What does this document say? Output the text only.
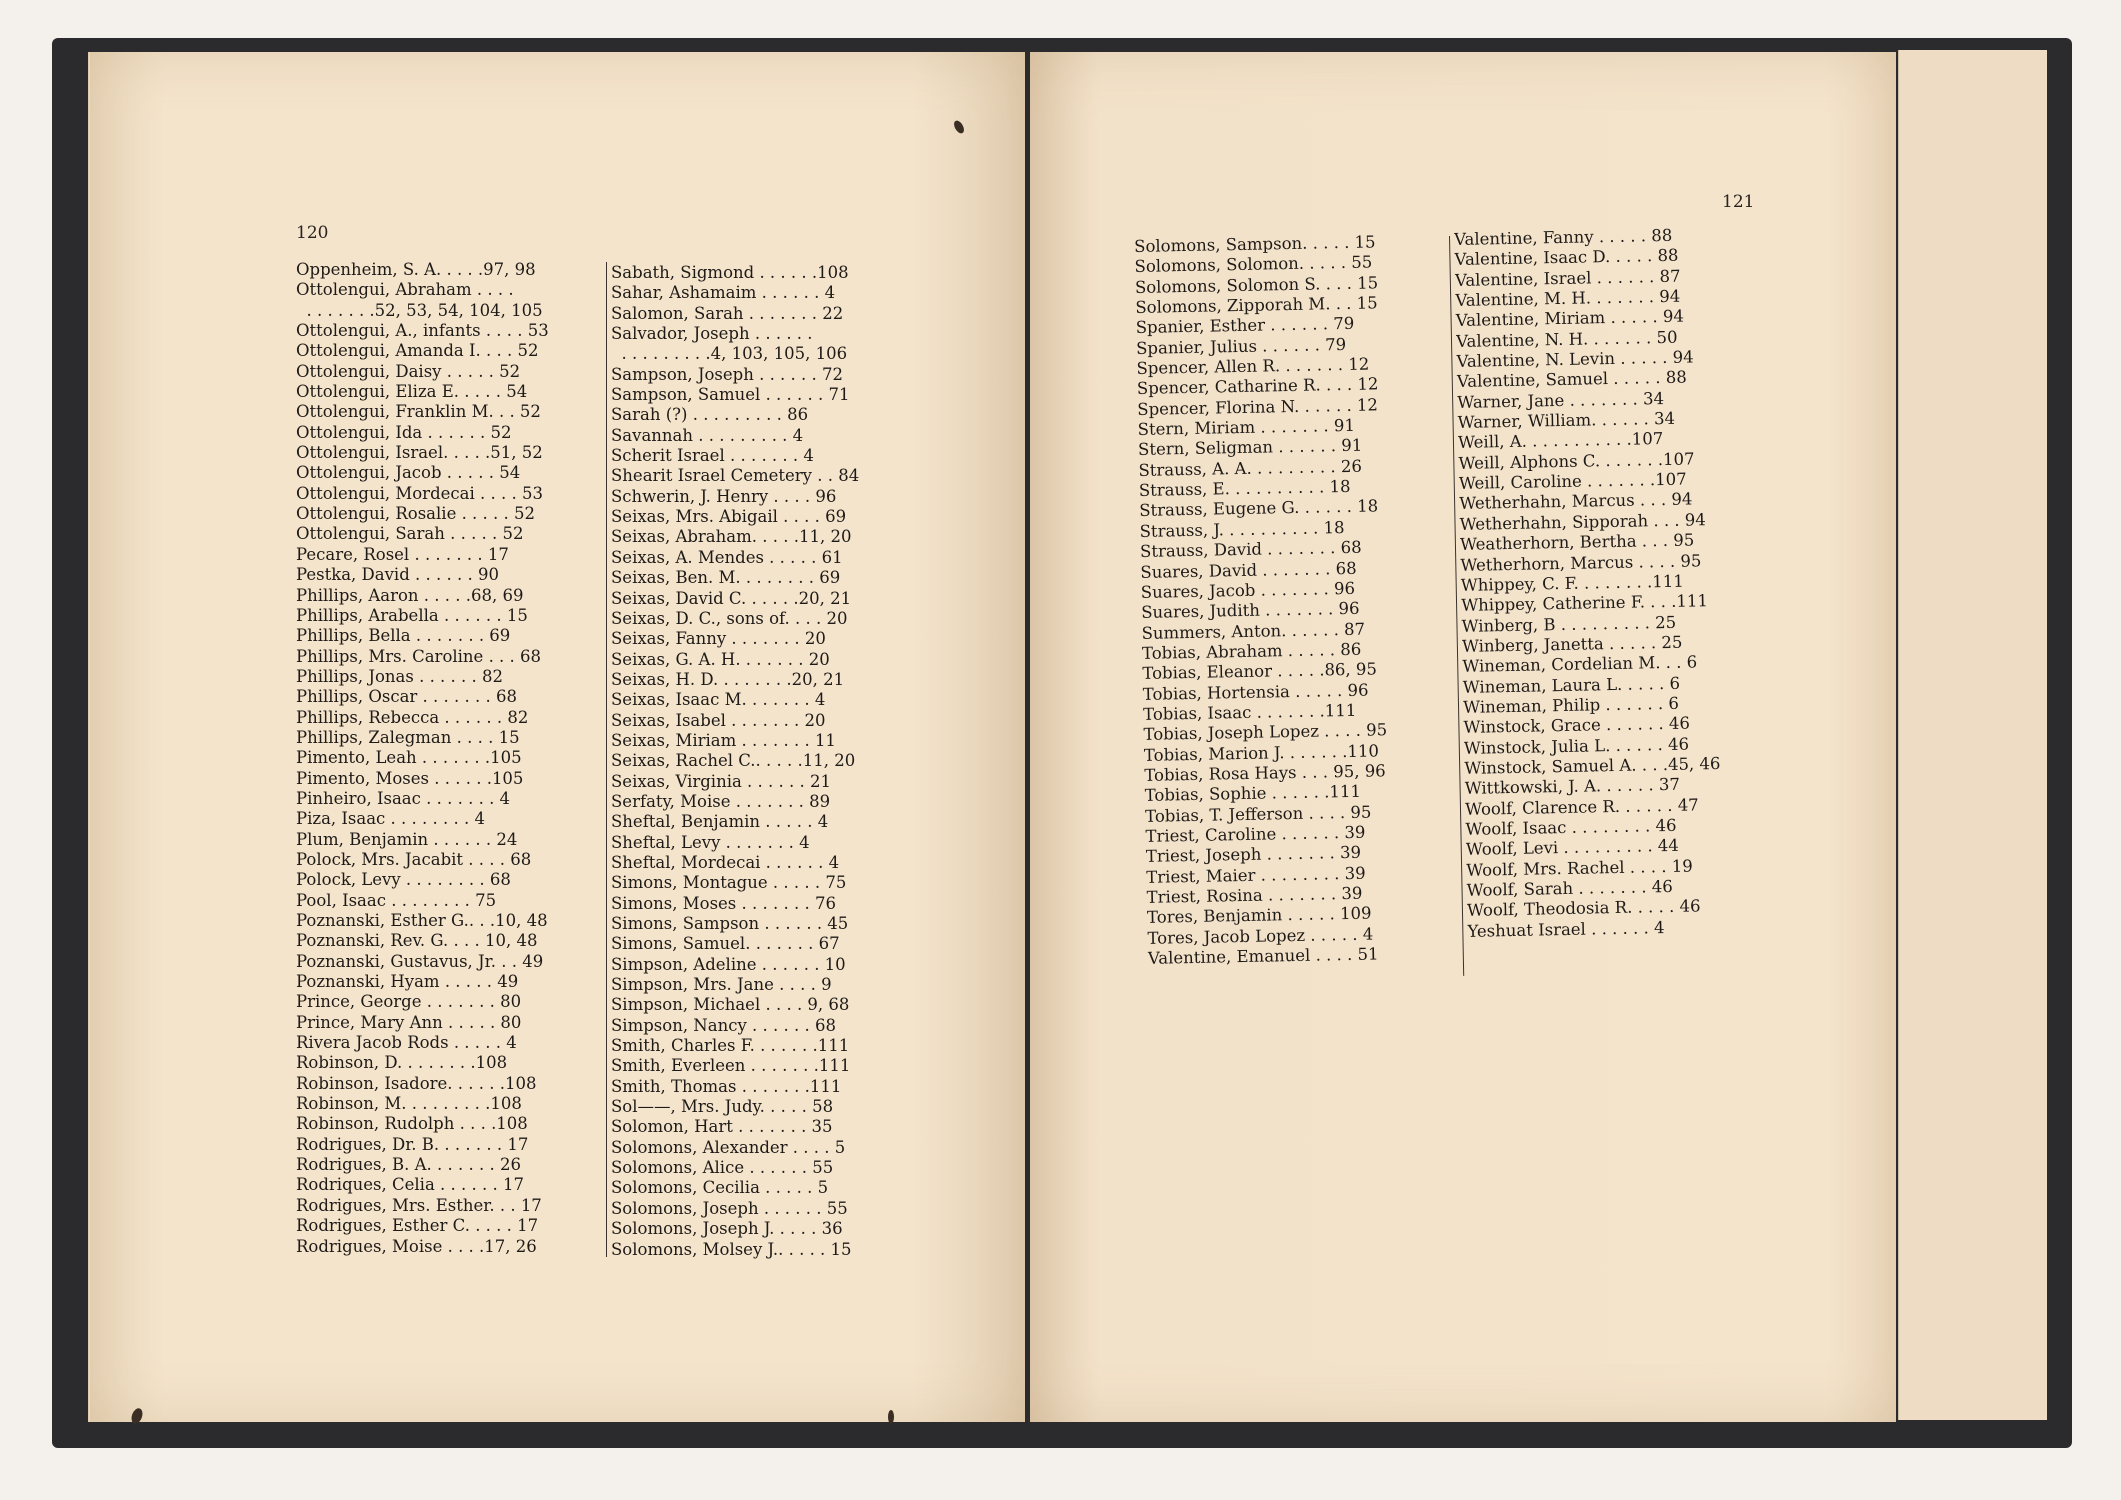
120
121
Oppenheim, S. A. . . . .97, 98
Ottolengui, Abraham . . . .
. . . . . . .52, 53, 54, 104, 105
Ottolengui, A., infants . . . . 53
Ottolengui, Amanda I. . . . 52
Ottolengui, Daisy . . . . . 52
Ottolengui, Eliza E. . . . . 54
Ottolengui, Franklin M. . . 52
Ottolengui, Ida . . . . . . 52
Ottolengui, Israel. . . . .51, 52
Ottolengui, Jacob . . . . . 54
Ottolengui, Mordecai . . . . 53
Ottolengui, Rosalie . . . . . 52
Ottolengui, Sarah . . . . . 52
Pecare, Rosel . . . . . . . 17
Pestka, David . . . . . . 90
Phillips, Aaron . . . . .68, 69
Phillips, Arabella . . . . . . 15
Phillips, Bella . . . . . . . 69
Phillips, Mrs. Caroline . . . 68
Phillips, Jonas . . . . . . 82
Phillips, Oscar . . . . . . . 68
Phillips, Rebecca . . . . . . 82
Phillips, Zalegman . . . . 15
Pimento, Leah . . . . . . .105
Pimento, Moses . . . . . .105
Pinheiro, Isaac . . . . . . . 4
Piza, Isaac . . . . . . . . 4
Plum, Benjamin . . . . . . 24
Polock, Mrs. Jacabit . . . . 68
Polock, Levy . . . . . . . . 68
Pool, Isaac . . . . . . . . 75
Poznanski, Esther G.. . .10, 48
Poznanski, Rev. G. . . . 10, 48
Poznanski, Gustavus, Jr. . . 49
Poznanski, Hyam . . . . . 49
Prince, George . . . . . . . 80
Prince, Mary Ann . . . . . 80
Rivera Jacob Rods . . . . . 4
Robinson, D. . . . . . . .108
Robinson, Isadore. . . . . .108
Robinson, M. . . . . . . . .108
Robinson, Rudolph . . . .108
Rodrigues, Dr. B. . . . . . . 17
Rodrigues, B. A. . . . . . . 26
Rodriques, Celia . . . . . . 17
Rodrigues, Mrs. Esther. . . 17
Rodrigues, Esther C. . . . . 17
Rodrigues, Moise . . . .17, 26
Sabath, Sigmond . . . . . .108
Sahar, Ashamaim . . . . . . 4
Salomon, Sarah . . . . . . . 22
Salvador, Joseph . . . . . .
. . . . . . . . .4, 103, 105, 106
Sampson, Joseph . . . . . . 72
Sampson, Samuel . . . . . . 71
Sarah (?) . . . . . . . . . 86
Savannah . . . . . . . . . 4
Scherit Israel . . . . . . . 4
Shearit Israel Cemetery . . 84
Schwerin, J. Henry . . . . 96
Seixas, Mrs. Abigail . . . . 69
Seixas, Abraham. . . . .11, 20
Seixas, A. Mendes . . . . . 61
Seixas, Ben. M. . . . . . . . 69
Seixas, David C. . . . . .20, 21
Seixas, D. C., sons of. . . . 20
Seixas, Fanny . . . . . . . 20
Seixas, G. A. H. . . . . . . 20
Seixas, H. D. . . . . . . .20, 21
Seixas, Isaac M. . . . . . . 4
Seixas, Isabel . . . . . . . 20
Seixas, Miriam . . . . . . . 11
Seixas, Rachel C.. . . . .11, 20
Seixas, Virginia . . . . . . 21
Serfaty, Moise . . . . . . . 89
Sheftal, Benjamin . . . . . 4
Sheftal, Levy . . . . . . . 4
Sheftal, Mordecai . . . . . . 4
Simons, Montague . . . . . 75
Simons, Moses . . . . . . . 76
Simons, Sampson . . . . . . 45
Simons, Samuel. . . . . . . 67
Simpson, Adeline . . . . . . 10
Simpson, Mrs. Jane . . . . 9
Simpson, Michael . . . . 9, 68
Simpson, Nancy . . . . . . 68
Smith, Charles F. . . . . . .111
Smith, Everleen . . . . . . .111
Smith, Thomas . . . . . . .111
Sol——, Mrs. Judy. . . . . 58
Solomon, Hart . . . . . . . 35
Solomons, Alexander . . . . 5
Solomons, Alice . . . . . . 55
Solomons, Cecilia . . . . . 5
Solomons, Joseph . . . . . . 55
Solomons, Joseph J. . . . . 36
Solomons, Molsey J.. . . . . 15
Solomons, Sampson. . . . . 15
Solomons, Solomon. . . . . 55
Solomons, Solomon S. . . . 15
Solomons, Zipporah M. . . 15
Spanier, Esther . . . . . . 79
Spanier, Julius . . . . . . 79
Spencer, Allen R. . . . . . . 12
Spencer, Catharine R. . . . 12
Spencer, Florina N. . . . . . 12
Stern, Miriam . . . . . . . 91
Stern, Seligman . . . . . . 91
Strauss, A. A. . . . . . . . . 26
Strauss, E. . . . . . . . . . 18
Strauss, Eugene G. . . . . . 18
Strauss, J. . . . . . . . . . 18
Strauss, David . . . . . . . 68
Suares, David . . . . . . . 68
Suares, Jacob . . . . . . . 96
Suares, Judith . . . . . . . 96
Summers, Anton. . . . . . 87
Tobias, Abraham . . . . . 86
Tobias, Eleanor . . . . .86, 95
Tobias, Hortensia . . . . . 96
Tobias, Isaac . . . . . . .111
Tobias, Joseph Lopez . . . . 95
Tobias, Marion J. . . . . . .110
Tobias, Rosa Hays . . . 95, 96
Tobias, Sophie . . . . . .111
Tobias, T. Jefferson . . . . 95
Triest, Caroline . . . . . . 39
Triest, Joseph . . . . . . . 39
Triest, Maier . . . . . . . . 39
Triest, Rosina . . . . . . . 39
Tores, Benjamin . . . . . 109
Tores, Jacob Lopez . . . . . 4
Valentine, Emanuel . . . . 51
Valentine, Fanny . . . . . 88
Valentine, Isaac D. . . . . 88
Valentine, Israel . . . . . . 87
Valentine, M. H. . . . . . . 94
Valentine, Miriam . . . . . 94
Valentine, N. H. . . . . . . 50
Valentine, N. Levin . . . . . 94
Valentine, Samuel . . . . . 88
Warner, Jane . . . . . . . 34
Warner, William. . . . . . 34
Weill, A. . . . . . . . . . .107
Weill, Alphons C. . . . . . .107
Weill, Caroline . . . . . . .107
Wetherhahn, Marcus . . . 94
Wetherhahn, Sipporah . . . 94
Weatherhorn, Bertha . . . 95
Wetherhorn, Marcus . . . . 95
Whippey, C. F. . . . . . . .111
Whippey, Catherine F. . . .111
Winberg, B . . . . . . . . . 25
Winberg, Janetta . . . . . 25
Wineman, Cordelian M. . . 6
Wineman, Laura L. . . . . 6
Wineman, Philip . . . . . . 6
Winstock, Grace . . . . . . 46
Winstock, Julia L. . . . . . 46
Winstock, Samuel A. . . .45, 46
Wittkowski, J. A. . . . . . 37
Woolf, Clarence R. . . . . . 47
Woolf, Isaac . . . . . . . . 46
Woolf, Levi . . . . . . . . . 44
Woolf, Mrs. Rachel . . . . 19
Woolf, Sarah . . . . . . . 46
Woolf, Theodosia R. . . . . 46
Yeshuat Israel . . . . . . 4
